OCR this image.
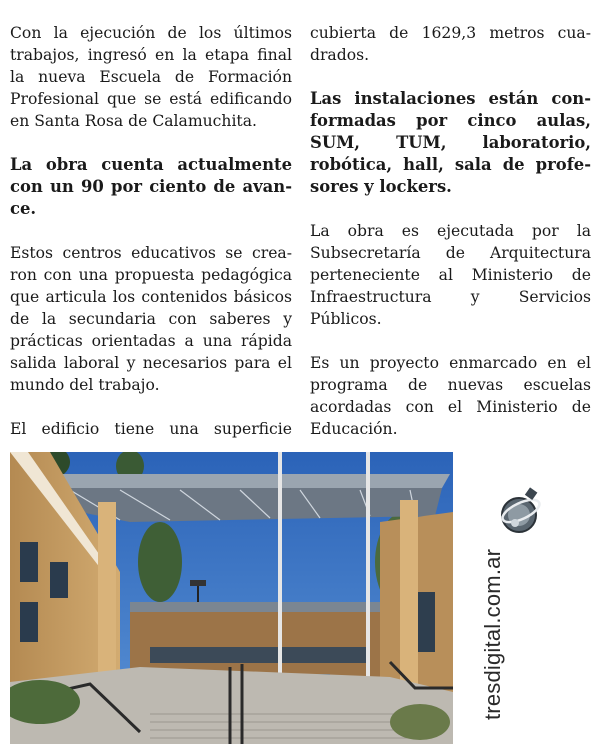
Con la ejecución de los últimos trabajos, ingresó en la etapa final la nueva Escuela de Formación Profesional que se está edificando en Santa Rosa de Calamuchita.

La obra cuenta actualmente con un 90 por ciento de avance.

Estos centros educativos se crearon con una propuesta pedagógica que articula los contenidos básicos de la secundaria con saberes y prácticas orientadas a una rápida salida laboral y necesarios para el mundo del trabajo.

El edificio tiene una superficie

cubierta de 1629,3 metros cuadrados.

Las instalaciones están conformadas por cinco aulas, SUM, TUM, laboratorio, robótica, hall, sala de profesores y lockers.

La obra es ejecutada por la Subsecretaría de Arquitectura perteneciente al Ministerio de Infraestructura y Servicios Públicos.

Es un proyecto enmarcado en el programa de nuevas escuelas acordadas con el Ministerio de Educación.

tresdigital.com.ar
